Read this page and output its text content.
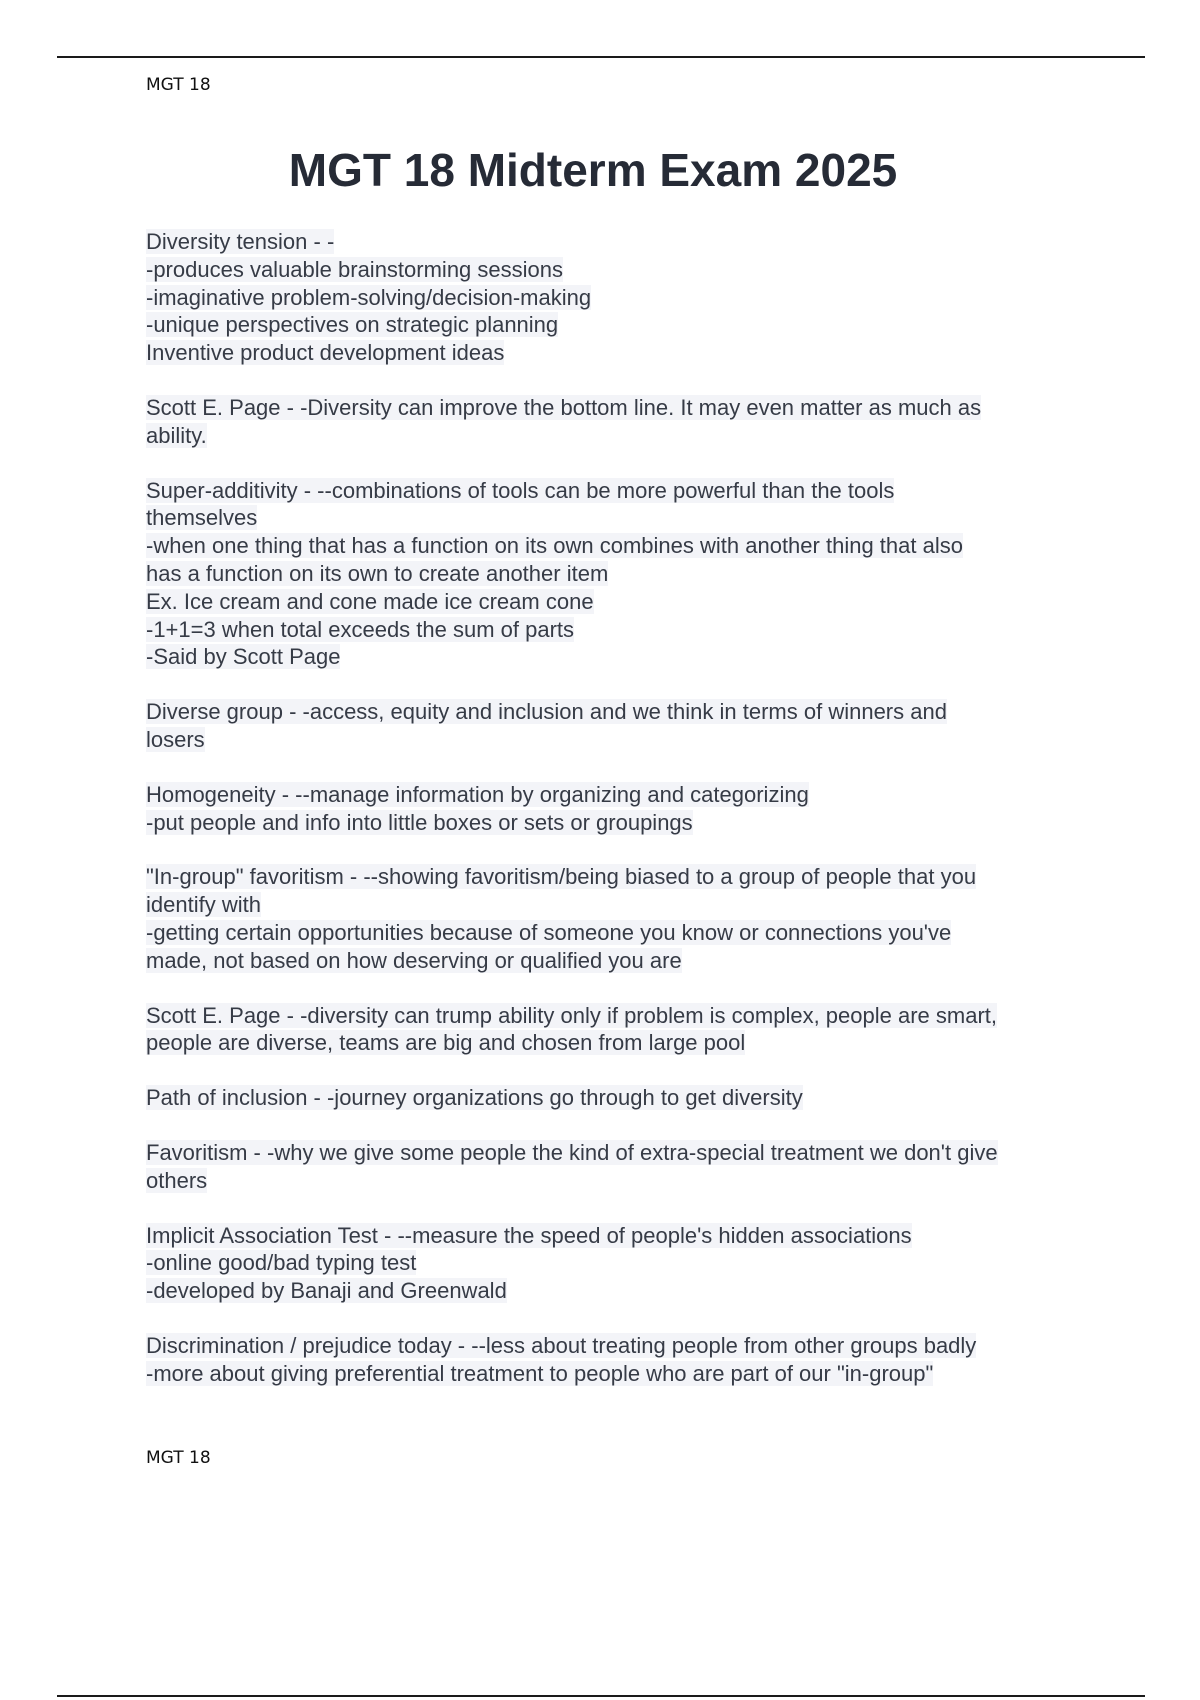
MGT 18
MGT 18 Midterm Exam 2025
Diversity tension - -
-produces valuable brainstorming sessions
-imaginative problem-solving/decision-making
-unique perspectives on strategic planning
Inventive product development ideas
Scott E. Page - -Diversity can improve the bottom line. It may even matter as much as
ability.
Super-additivity - --combinations of tools can be more powerful than the tools
themselves
-when one thing that has a function on its own combines with another thing that also
has a function on its own to create another item
Ex. Ice cream and cone made ice cream cone
-1+1=3 when total exceeds the sum of parts
-Said by Scott Page
Diverse group - -access, equity and inclusion and we think in terms of winners and
losers
Homogeneity - --manage information by organizing and categorizing
-put people and info into little boxes or sets or groupings
"In-group" favoritism - --showing favoritism/being biased to a group of people that you
identify with
-getting certain opportunities because of someone you know or connections you've
made, not based on how deserving or qualified you are
Scott E. Page - -diversity can trump ability only if problem is complex, people are smart,
people are diverse, teams are big and chosen from large pool
Path of inclusion - -journey organizations go through to get diversity
Favoritism - -why we give some people the kind of extra-special treatment we don't give
others
Implicit Association Test - --measure the speed of people's hidden associations
-online good/bad typing test
-developed by Banaji and Greenwald
Discrimination / prejudice today - --less about treating people from other groups badly
-more about giving preferential treatment to people who are part of our "in-group"
MGT 18
